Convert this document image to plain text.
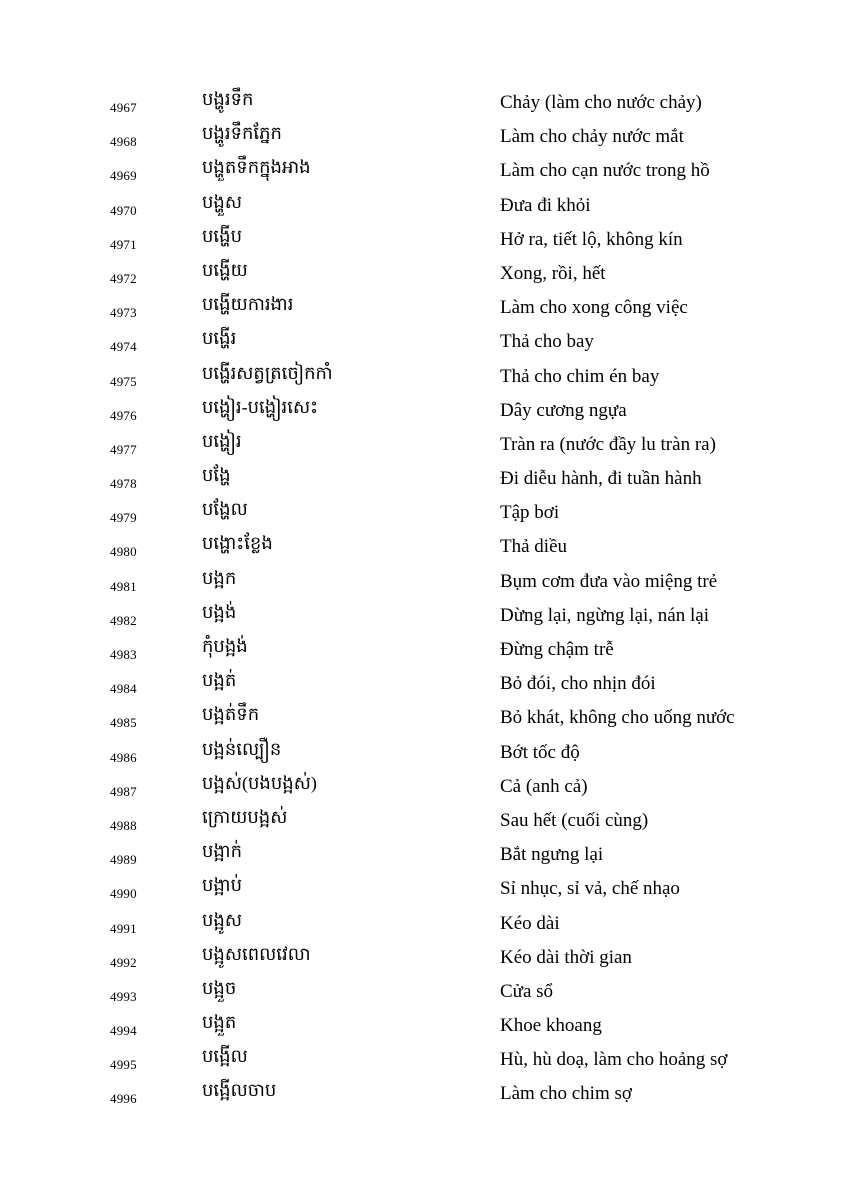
4967	បង្ហូរទឹក	Chảy (làm cho nước chảy)
4968	បង្ហូរទឹកភ្នែក	Làm cho chảy nước mắt
4969	បង្ហួតទឹកក្នុងអាង	Làm cho cạn nước trong hồ
4970	បង្ហួស	Đưa đi khỏi
4971	បង្ហើប	Hở ra, tiết lộ, không kín
4972	បង្ហើយ	Xong, rồi, hết
4973	បង្ហើយការងារ	Làm cho xong công việc
4974	បង្ហើរ	Thả cho bay
4975	បង្ហើរសត្វត្រចៀកកាំ	Thả cho chim én bay
4976	បង្ហៀរ-បង្ហៀរសេះ	Dây cương ngựa
4977	បង្ហៀរ	Tràn ra (nước đầy lu tràn ra)
4978	បង្ហែ	Đi diễu hành, đi tuần hành
4979	បង្ហែល	Tập bơi
4980	បង្ហោះខ្លែង	Thả diều
4981	បង្អក	Bụm cơm đưa vào miệng trẻ
4982	បង្អង់	Dừng lại, ngừng lại, nán lại
4983	កុំបង្អង់	Đừng chậm trễ
4984	បង្អត់	Bỏ đói, cho nhịn đói
4985	បង្អត់ទឹក	Bỏ khát, không cho uống nước
4986	បង្អន់ល្បឿន	Bớt tốc độ
4987	បង្អស់(បងបង្អស់)	Cả (anh cả)
4988	ក្រោយបង្អស់	Sau hết (cuối cùng)
4989	បង្អាក់	Bắt ngưng lại
4990	បង្អាប់	Sỉ nhục, sỉ vả, chế nhạo
4991	បង្អូស	Kéo dài
4992	បង្អូសពេលវេលា	Kéo dài thời gian
4993	បង្អួច	Cửa sổ
4994	បង្អួត	Khoe khoang
4995	បង្អើល	Hù, hù doạ, làm cho hoảng sợ
4996	បង្អើលចាប	Làm cho chim sợ
